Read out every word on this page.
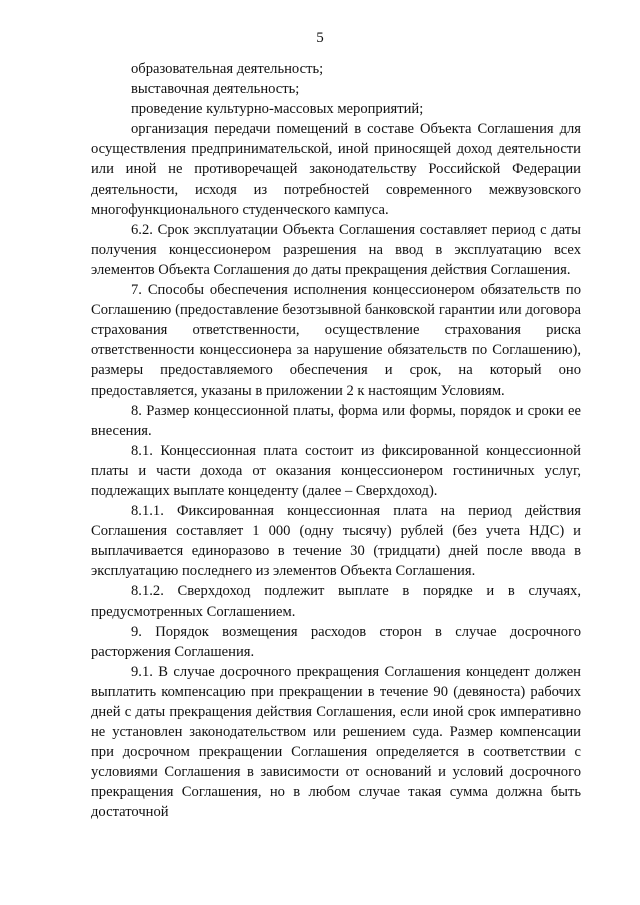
5

образовательная деятельность;

выставочная деятельность;

проведение культурно-массовых мероприятий;

организация передачи помещений в составе Объекта Соглашения для осуществления предпринимательской, иной приносящей доход деятельности или иной не противоречащей законодательству Российской Федерации деятельности, исходя из потребностей современного межвузовского многофункционального студенческого кампуса.

6.2. Срок эксплуатации Объекта Соглашения составляет период с даты получения концессионером разрешения на ввод в эксплуатацию всех элементов Объекта Соглашения до даты прекращения действия Соглашения.

7. Способы обеспечения исполнения концессионером обязательств по Соглашению (предоставление безотзывной банковской гарантии или договора страхования ответственности, осуществление страхования риска ответственности концессионера за нарушение обязательств по Соглашению), размеры предоставляемого обеспечения и срок, на который оно предоставляется, указаны в приложении 2 к настоящим Условиям.

8. Размер концессионной платы, форма или формы, порядок и сроки ее внесения.

8.1. Концессионная плата состоит из фиксированной концессионной платы и части дохода от оказания концессионером гостиничных услуг, подлежащих выплате концеденту (далее – Сверхдоход).

8.1.1. Фиксированная концессионная плата на период действия Соглашения составляет 1 000 (одну тысячу) рублей (без учета НДС) и выплачивается единоразово в течение 30 (тридцати) дней после ввода в эксплуатацию последнего из элементов Объекта Соглашения.

8.1.2. Сверхдоход подлежит выплате в порядке и в случаях, предусмотренных Соглашением.

9. Порядок возмещения расходов сторон в случае досрочного расторжения Соглашения.

9.1. В случае досрочного прекращения Соглашения концедент должен выплатить компенсацию при прекращении в течение 90 (девяноста) рабочих дней с даты прекращения действия Соглашения, если иной срок императивно не установлен законодательством или решением суда. Размер компенсации при досрочном прекращении Соглашения определяется в соответствии с условиями Соглашения в зависимости от оснований и условий досрочного прекращения Соглашения, но в любом случае такая сумма должна быть достаточной
